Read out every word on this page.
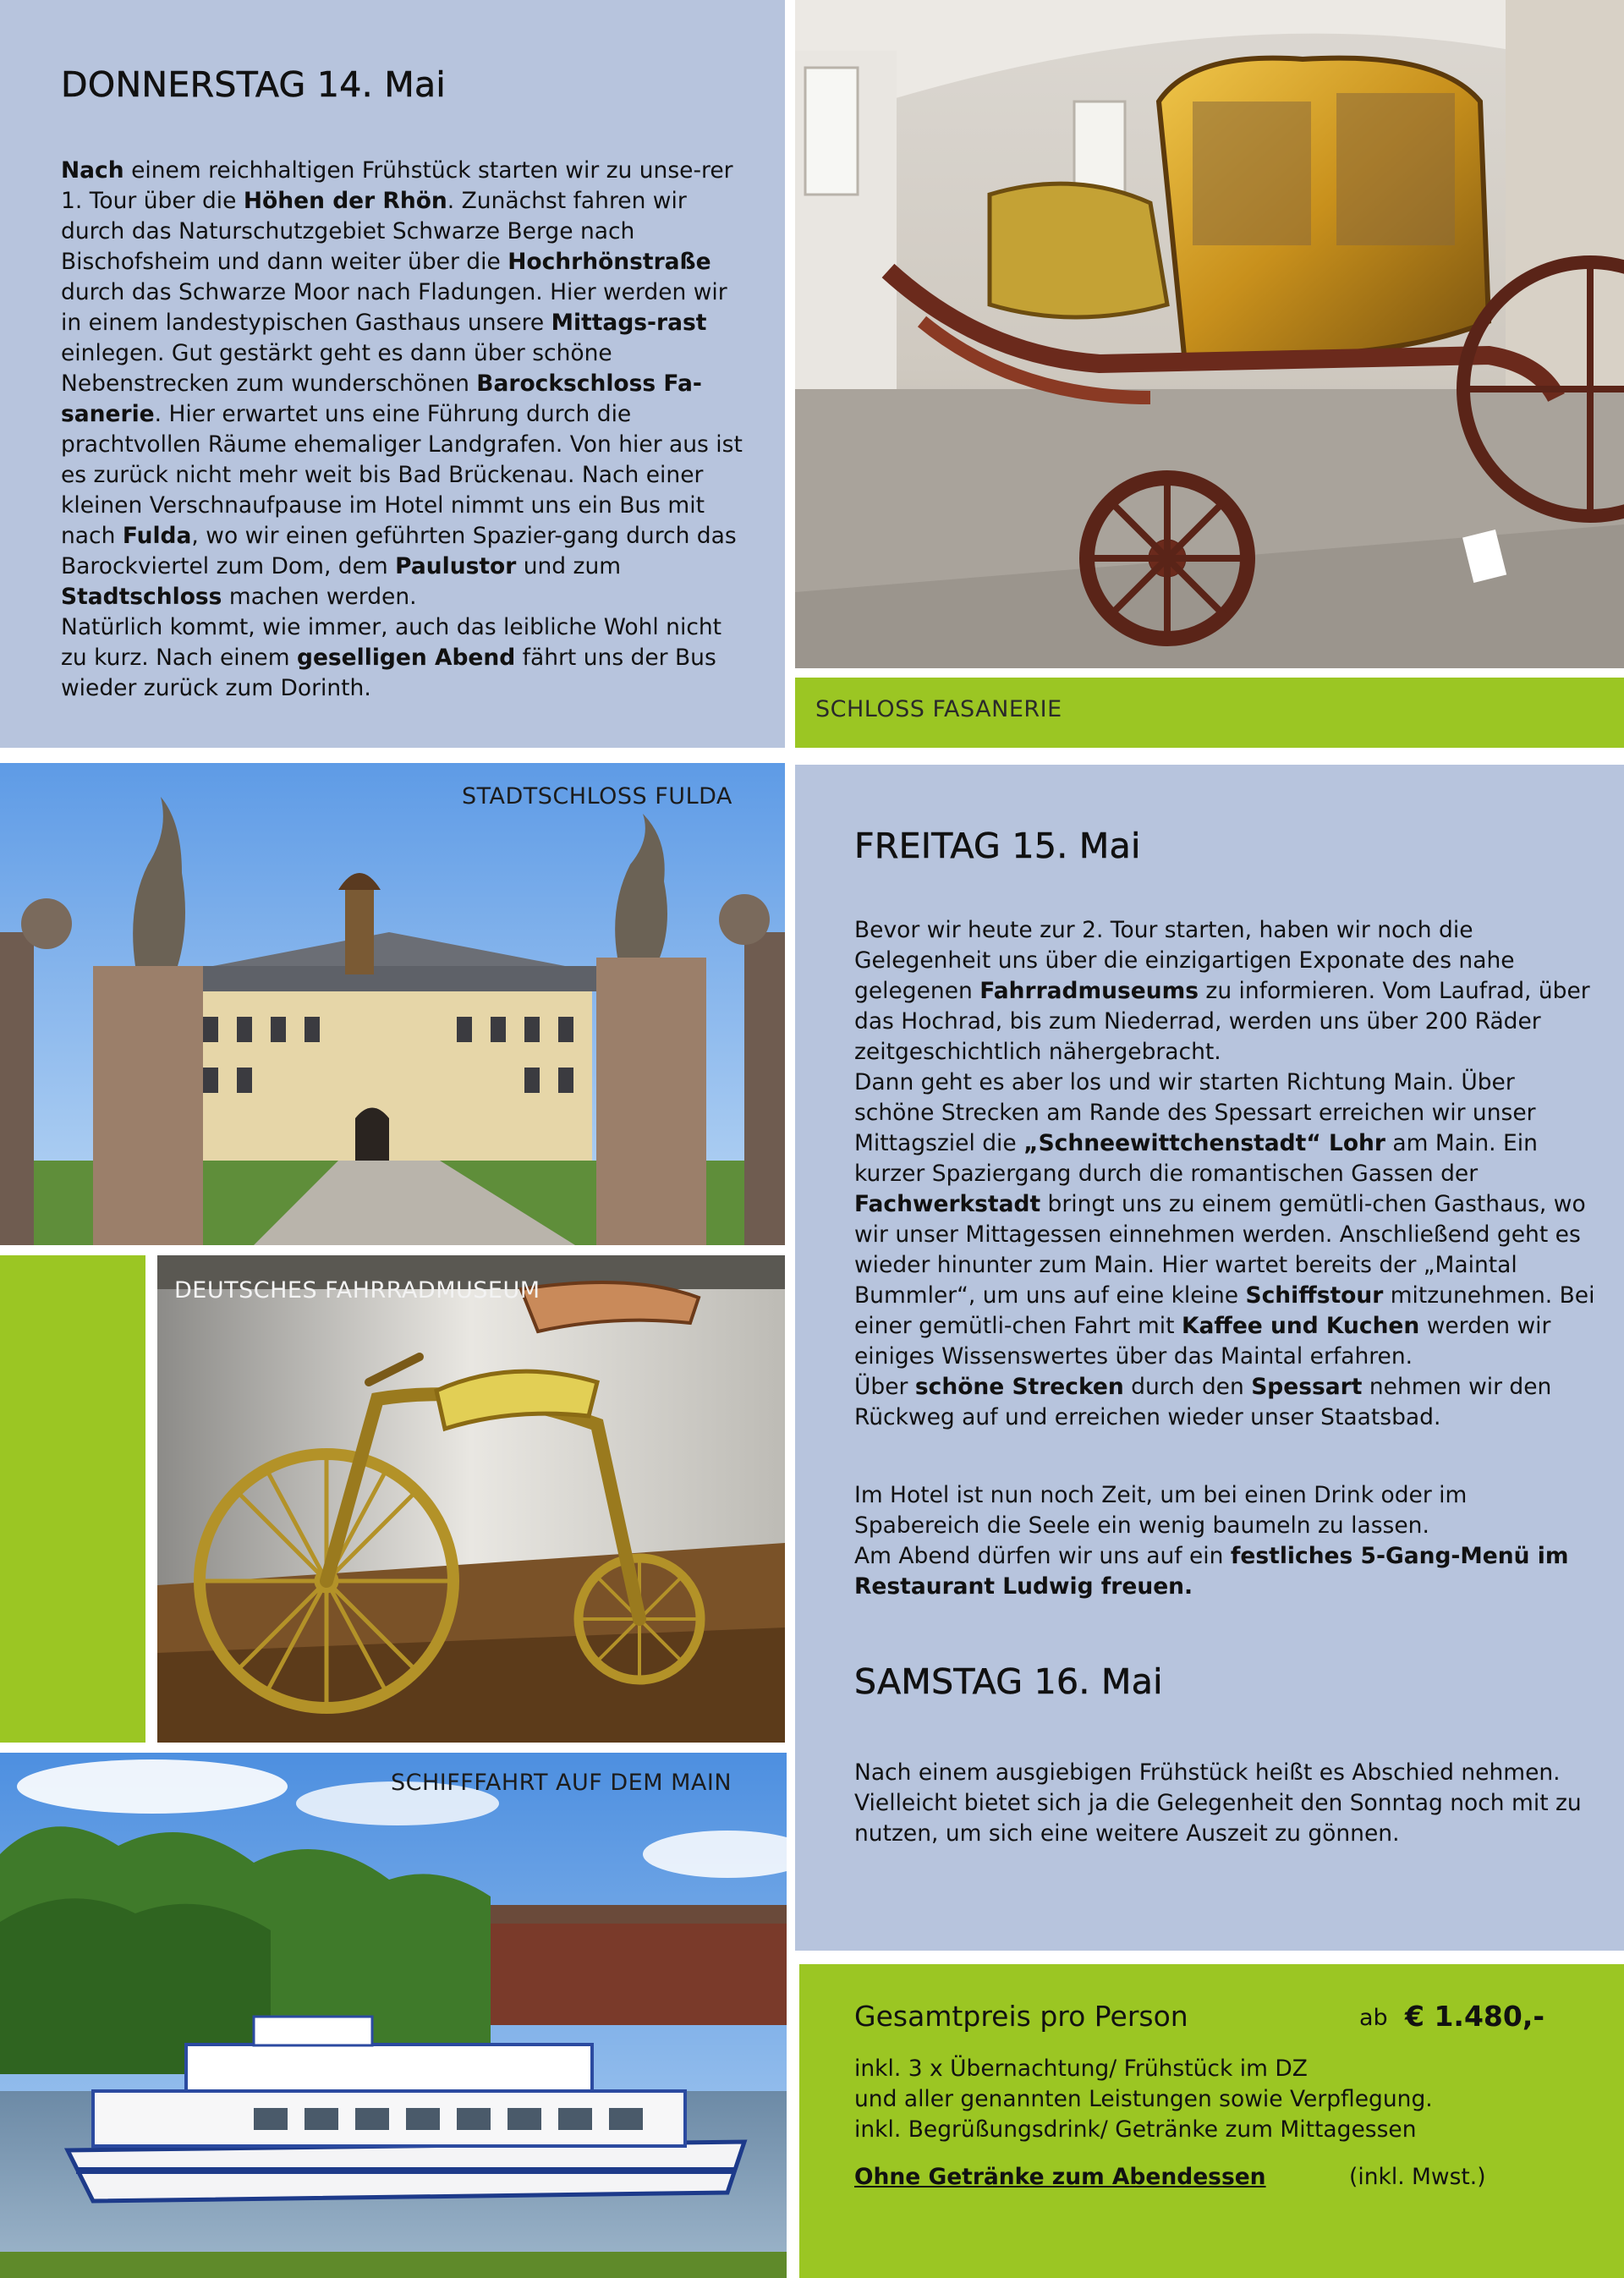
DONNERSTAG 14. Mai

Nach einem reichhaltigen Frühstück starten wir zu unse-rer 1. Tour über die Höhen der Rhön. Zunächst fahren wir durch das Naturschutzgebiet Schwarze Berge nach Bischofsheim und dann weiter über die Hochrhönstraße durch das Schwarze Moor nach Fladungen. Hier werden wir in einem landestypischen Gasthaus unsere Mittags-rast einlegen. Gut gestärkt geht es dann über schöne Nebenstrecken zum wunderschönen Barockschloss Fa-sanerie. Hier erwartet uns eine Führung durch die prachtvollen Räume ehemaliger Landgrafen. Von hier aus ist es zurück nicht mehr weit bis Bad Brückenau. Nach einer kleinen Verschnaufpause im Hotel nimmt uns ein Bus mit nach Fulda, wo wir einen geführten Spazier-gang durch das Barockviertel zum Dom, dem Paulustor und zum Stadtschloss machen werden.

Natürlich kommt, wie immer, auch das leibliche Wohl nicht zu kurz. Nach einem geselligen Abend fährt uns der Bus wieder zurück zum Dorinth.

SCHLOSS FASANERIE
STADTSCHLOSS FULDA
DEUTSCHES FAHRRADMUSEUM
SCHIFFFAHRT AUF DEM MAIN
FREITAG 15. Mai

Bevor wir heute zur 2. Tour starten, haben wir noch die Gelegenheit uns über die einzigartigen Exponate des nahe gelegenen Fahrradmuseums zu informieren. Vom Laufrad, über das Hochrad, bis zum Niederrad, werden uns über 200 Räder zeitgeschichtlich nähergebracht.

Dann geht es aber los und wir starten Richtung Main. Über schöne Strecken am Rande des Spessart erreichen wir unser Mittagsziel die „Schneewittchenstadt“ Lohr am Main. Ein kurzer Spaziergang durch die romantischen Gassen der Fachwerkstadt bringt uns zu einem gemütli-chen Gasthaus, wo wir unser Mittagessen einnehmen werden. Anschließend geht es wieder hinunter zum Main. Hier wartet bereits der „Maintal Bummler“, um uns auf eine kleine Schiffstour mitzunehmen. Bei einer gemütli-chen Fahrt mit Kaffee und Kuchen werden wir einiges Wissenswertes über das Maintal erfahren.

Über schöne Strecken durch den Spessart nehmen wir den Rückweg auf und erreichen wieder unser Staatsbad.

Im Hotel ist nun noch Zeit, um bei einen Drink oder im Spabereich die Seele ein wenig baumeln zu lassen.

Am Abend dürfen wir uns auf ein festliches 5-Gang-Menü im Restaurant Ludwig freuen.

SAMSTAG 16. Mai

Nach einem ausgiebigen Frühstück heißt es Abschied nehmen. Vielleicht bietet sich ja die Gelegenheit den Sonntag noch mit zu nutzen, um sich eine weitere Auszeit zu gönnen.

Gesamtpreis pro Person	ab € 1.480,-
inkl. 3 x Übernachtung/ Frühstück im DZ
und aller genannten Leistungen sowie Verpflegung.
inkl. Begrüßungsdrink/ Getränke zum Mittagessen
Ohne Getränke zum Abendessen	(inkl. Mwst.)
